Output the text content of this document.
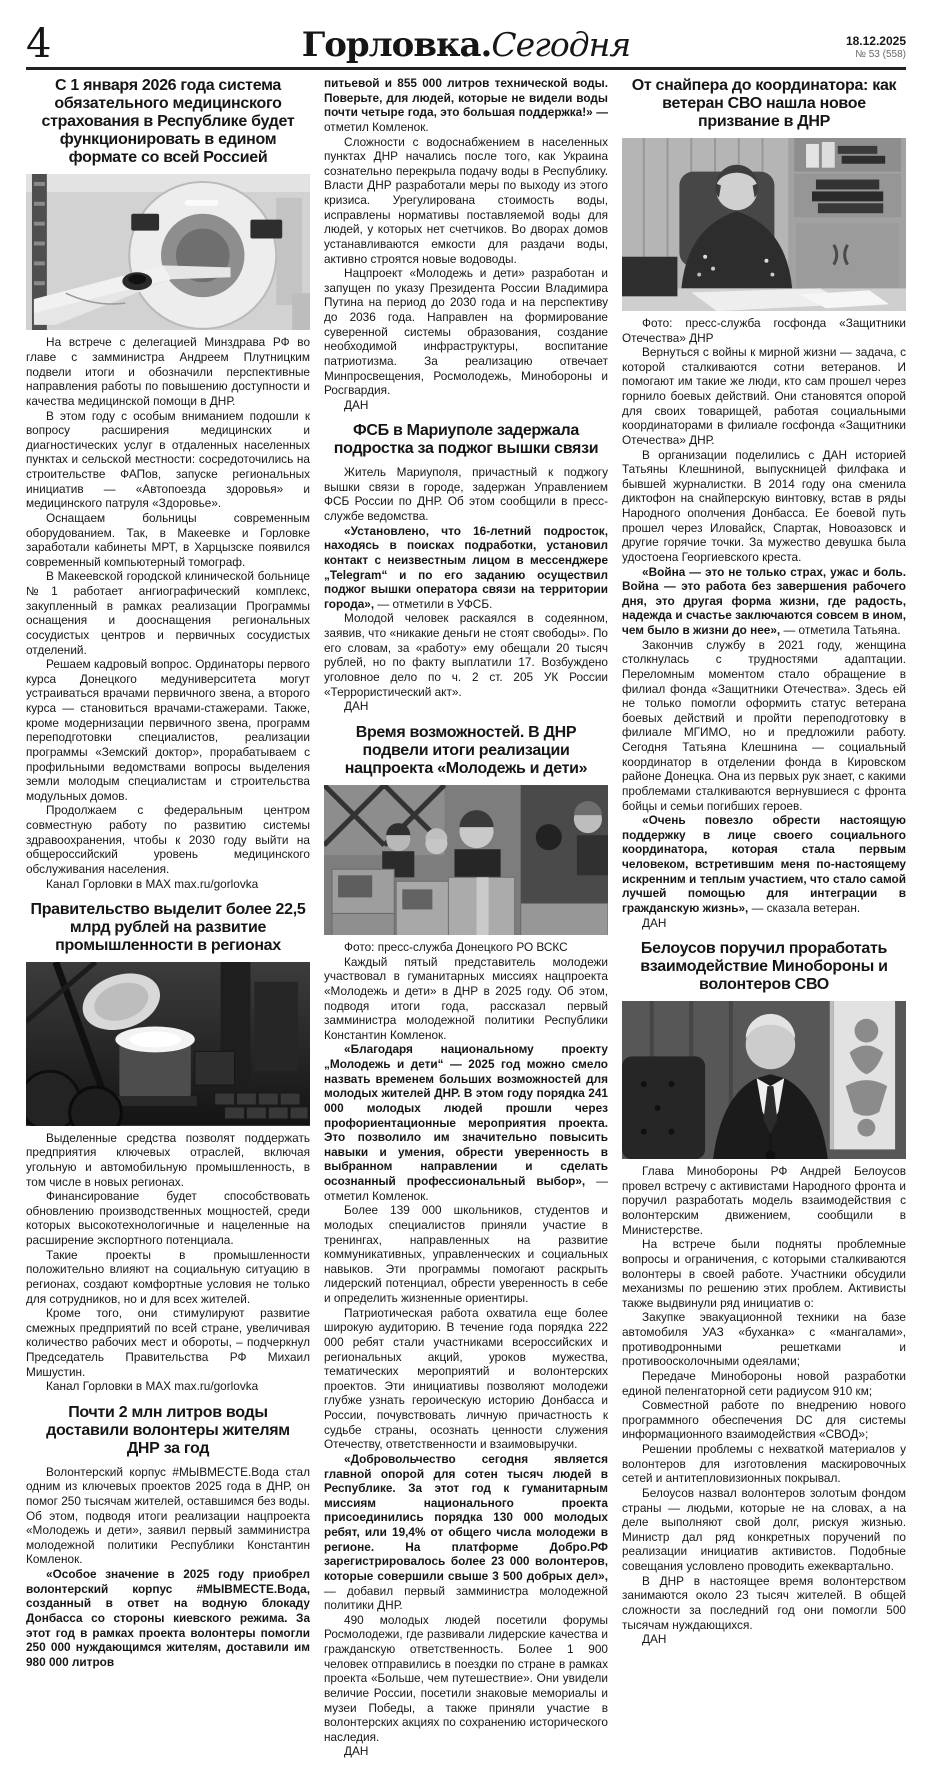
4	Горловка.Сегодня	18.12.2025
№ 53 (558)
С 1 января 2026 года система обязательного медицинского страхования в Республике будет функционировать в едином формате со всей Россией

На встрече с делегацией Минздрава РФ во главе с замминистра Андреем Плутницким подвели итоги и обозначили перспективные направления работы по повышению доступности и качества медицинской помощи в ДНР.

В этом году с особым вниманием подошли к вопросу расширения медицинских и диагностических услуг в отдаленных населенных пунктах и сельской местности: сосредоточились на строительстве ФАПов, запуске региональных инициатив — «Автопоезда здоровья» и медицинского патруля «Здоровье».

Оснащаем больницы современным оборудованием. Так, в Макеевке и Горловке заработали кабинеты МРТ, в Харцызске появился современный компьютерный томограф.

В Макеевской городской клинической больнице №1 работает ангиографический комплекс, закупленный в рамках реализации Программы оснащения и дооснащения региональных сосудистых центров и первичных сосудистых отделений.

Решаем кадровый вопрос. Ординаторы первого курса Донецкого медуниверситета могут устраиваться врачами первичного звена, а второго курса — становиться врачами-стажерами. Также, кроме модернизации первичного звена, программ переподготовки специалистов, реализации программы «Земский доктор», прорабатываем с профильными ведомствами вопросы выделения земли молодым специалистам и строительства модульных домов.

Продолжаем с федеральным центром совместную работу по развитию системы здравоохранения, чтобы к 2030 году выйти на общероссийский уровень медицинского обслуживания населения.

Канал Горловки в MAX max.ru/gorlovka

Правительство выделит более 22,5 млрд рублей на развитие промышленности в регионах

Выделенные средства позволят поддержать предприятия ключевых отраслей, включая угольную и автомобильную промышленность, в том числе в новых регионах.

Финансирование будет способствовать обновлению производственных мощностей, среди которых высокотехнологичные и нацеленные на расширение экспортного потенциала.

Такие проекты в промышленности положительно влияют на социальную ситуацию в регионах, создают комфортные условия не только для сотрудников, но и для всех жителей.

Кроме того, они стимулируют развитие смежных предприятий по всей стране, увеличивая количество рабочих мест и обороты, – подчеркнул Председатель Правительства РФ Михаил Мишустин.

Канал Горловки в MAX max.ru/gorlovka

Почти 2 млн литров воды доставили волонтеры жителям ДНР за год

Волонтерский корпус #МЫВМЕСТЕ.Вода стал одним из ключевых проектов 2025 года в ДНР, он помог 250 тысячам жителей, оставшимся без воды. Об этом, подводя итоги реализации нацпроекта «Молодежь и дети», заявил первый замминистра молодежной политики Республики Константин Комленок.

«Особое значение в 2025 году приобрел волонтерский корпус #МЫВМЕСТЕ.Вода, созданный в ответ на водную блокаду Донбасса со стороны киевского режима. За этот год в рамках проекта волонтеры помогли 250 000 нуждающимся жителям, доставили им 980 000 литров

питьевой и 855 000 литров технической воды. Поверьте, для людей, которые не видели воды почти четыре года, это большая поддержка!» — отметил Комленок.

Сложности с водоснабжением в населенных пунктах ДНР начались после того, как Украина сознательно перекрыла подачу воды в Республику. Власти ДНР разработали меры по выходу из этого кризиса. Урегулирована стоимость воды, исправлены нормативы поставляемой воды для людей, у которых нет счетчиков. Во дворах домов устанавливаются емкости для раздачи воды, активно строятся новые водоводы.

Нацпроект «Молодежь и дети» разработан и запущен по указу Президента России Владимира Путина на период до 2030 года и на перспективу до 2036 года. Направлен на формирование суверенной системы образования, создание необходимой инфраструктуры, воспитание патриотизма. За реализацию отвечает Минпросвещения, Росмолодежь, Минобороны и Росгвардия.

ДАН

ФСБ в Мариуполе задержала подростка за поджог вышки связи

Житель Мариуполя, причастный к поджогу вышки связи в городе, задержан Управлением ФСБ России по ДНР. Об этом сообщили в пресс-службе ведомства.

«Установлено, что 16-летний подросток, находясь в поисках подработки, установил контакт с неизвестным лицом в мессенджере „Telegram“ и по его заданию осуществил поджог вышки оператора связи на территории города», — отметили в УФСБ.

Молодой человек раскаялся в содеянном, заявив, что «никакие деньги не стоят свободы». По его словам, за «работу» ему обещали 20 тысяч рублей, но по факту выплатили 17. Возбуждено уголовное дело по ч. 2 ст. 205 УК России «Террористический акт».

ДАН

Время возможностей. В ДНР подвели итоги реализации нацпроекта «Молодежь и дети»

Фото: пресс-служба Донецкого РО ВСКС

Каждый пятый представитель молодежи участвовал в гуманитарных миссиях нацпроекта «Молодежь и дети» в ДНР в 2025 году. Об этом, подводя итоги года, рассказал первый замминистра молодежной политики Республики Константин Комленок.

«Благодаря национальному проекту „Молодежь и дети“ — 2025 год можно смело назвать временем больших возможностей для молодых жителей ДНР. В этом году порядка 241 000 молодых людей прошли через профориентационные мероприятия проекта. Это позволило им значительно повысить навыки и умения, обрести уверенность в выбранном направлении и сделать осознанный профессиональный выбор», — отметил Комленок.

Более 139 000 школьников, студентов и молодых специалистов приняли участие в тренингах, направленных на развитие коммуникативных, управленческих и социальных навыков. Эти программы помогают раскрыть лидерский потенциал, обрести уверенность в себе и определить жизненные ориентиры.

Патриотическая работа охватила еще более широкую аудиторию. В течение года порядка 222 000 ребят стали участниками всероссийских и региональных акций, уроков мужества, тематических мероприятий и волонтерских проектов. Эти инициативы позволяют молодежи глубже узнать героическую историю Донбасса и России, почувствовать личную причастность к судьбе страны, осознать ценности служения Отечеству, ответственности и взаимовыручки.

«Добровольчество сегодня является главной опорой для сотен тысяч людей в Республике. За этот год к гуманитарным миссиям национального проекта присоединились порядка 130 000 молодых ребят, или 19,4% от общего числа молодежи в регионе. На платформе Добро.РФ зарегистрировалось более 23 000 волонтеров, которые совершили свыше 3 500 добрых дел», — добавил первый замминистра молодежной политики ДНР.

490 молодых людей посетили форумы Росмолодежи, где развивали лидерские качества и гражданскую ответственность. Более 1 900 человек отправились в поездки по стране в рамках проекта «Больше, чем путешествие». Они увидели величие России, посетили знаковые мемориалы и музеи Победы, а также приняли участие в волонтерских акциях по сохранению исторического наследия.

ДАН

От снайпера до координатора: как ветеран СВО нашла новое призвание в ДНР

Фото: пресс-служба госфонда «Защитники Отечества» ДНР

Вернуться с войны к мирной жизни — задача, с которой сталкиваются сотни ветеранов. И помогают им такие же люди, кто сам прошел через горнило боевых действий. Они становятся опорой для своих товарищей, работая социальными координаторами в филиале госфонда «Защитники Отечества» ДНР.

В организации поделились с ДАН историей Татьяны Клешниной, выпускницей филфака и бывшей журналистки. В 2014 году она сменила диктофон на снайперскую винтовку, встав в ряды Народного ополчения Донбасса. Ее боевой путь прошел через Иловайск, Спартак, Новоазовск и другие горячие точки. За мужество девушка была удостоена Георгиевского креста.

«Война — это не только страх, ужас и боль. Война — это работа без завершения рабочего дня, это другая форма жизни, где радость, надежда и счастье заключаются совсем в ином, чем было в жизни до нее», — отметила Татьяна.

Закончив службу в 2021 году, женщина столкнулась с трудностями адаптации. Переломным моментом стало обращение в филиал фонда «Защитники Отечества». Здесь ей не только помогли оформить статус ветерана боевых действий и пройти переподготовку в филиале МГИМО, но и предложили работу. Сегодня Татьяна Клешнина — социальный координатор в отделении фонда в Кировском районе Донецка. Она из первых рук знает, с какими проблемами сталкиваются вернувшиеся с фронта бойцы и семьи погибших героев.

«Очень повезло обрести настоящую поддержку в лице своего социального координатора, которая стала первым человеком, встретившим меня по-настоящему искренним и теплым участием, что стало самой лучшей помощью для интеграции в гражданскую жизнь», — сказала ветеран.

ДАН

Белоусов поручил проработать взаимодействие Минобороны и волонтеров СВО

Глава Минобороны РФ Андрей Белоусов провел встречу с активистами Народного фронта и поручил разработать модель взаимодействия с волонтерским движением, сообщили в Министерстве.

На встрече были подняты проблемные вопросы и ограничения, с которыми сталкиваются волонтеры в своей работе. Участники обсудили механизмы по решению этих проблем. Активисты также выдвинули ряд инициатив о:

Закупке эвакуационной техники на базе автомобиля УАЗ «буханка» с «мангалами», противодронными решетками и противоосколочными одеялами;

Передаче Минобороны новой разработки единой пеленгаторной сети радиусом 910 км;

Совместной работе по внедрению нового программного обеспечения DC для системы информационного взаимодействия «СВОД»;

Решении проблемы с нехваткой материалов у волонтеров для изготовления маскировочных сетей и антитепловизионных покрывал.

Белоусов назвал волонтеров золотым фондом страны — людьми, которые не на словах, а на деле выполняют свой долг, рискуя жизнью. Министр дал ряд конкретных поручений по реализации инициатив активистов. Подобные совещания условлено проводить ежеквартально.

В ДНР в настоящее время волонтерством занимаются около 23 тысяч жителей. В общей сложности за последний год они помогли 500 тысячам нуждающихся.

ДАН
